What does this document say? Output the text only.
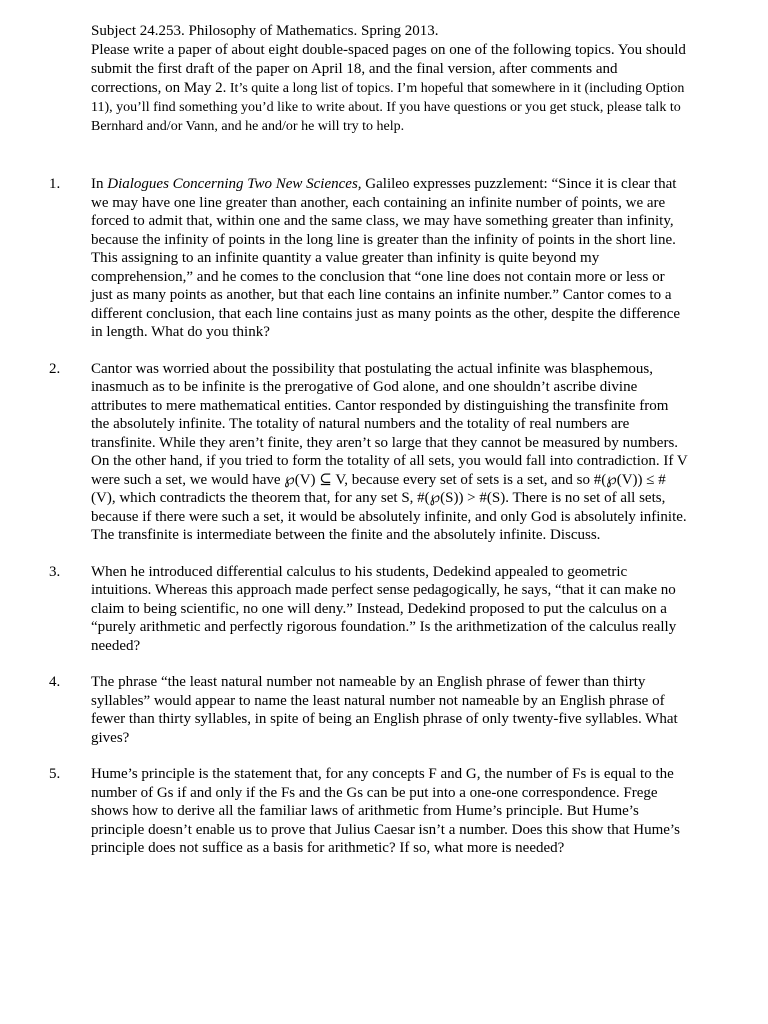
Subject 24.253. Philosophy of Mathematics. Spring 2013.

Please write a paper of about eight double-spaced pages on one of the following topics. You should submit the first draft of the paper on April 18, and the final version, after comments and corrections, on May 2. It’s quite a long list of topics. I’m hopeful that somewhere in it (including Option 11), you’ll find something you’d like to write about. If you have questions or you get stuck, please talk to Bernhard and/or Vann, and he and/or he will try to help.

1. In Dialogues Concerning Two New Sciences, Galileo expresses puzzlement: “Since it is clear that we may have one line greater than another, each containing an infinite number of points, we are forced to admit that, within one and the same class, we may have something greater than infinity, because the infinity of points in the long line is greater than the infinity of points in the short line. This assigning to an infinite quantity a value greater than infinity is quite beyond my comprehension,” and he comes to the conclusion that “one line does not contain more or less or just as many points as another, but that each line contains an infinite number.” Cantor comes to a different conclusion, that each line contains just as many points as the other, despite the difference in length. What do you think?

2. Cantor was worried about the possibility that postulating the actual infinite was blasphemous, inasmuch as to be infinite is the prerogative of God alone, and one shouldn’t ascribe divine attributes to mere mathematical entities. Cantor responded by distinguishing the transfinite from the absolutely infinite. The totality of natural numbers and the totality of real numbers are transfinite. While they aren’t finite, they aren’t so large that they cannot be measured by numbers. On the other hand, if you tried to form the totality of all sets, you would fall into contradiction. If V were such a set, we would have ℘(V) ⊆ V, because every set of sets is a set, and so #(℘(V)) ≤ #(V), which contradicts the theorem that, for any set S, #(℘(S)) > #(S). There is no set of all sets, because if there were such a set, it would be absolutely infinite, and only God is absolutely infinite. The transfinite is intermediate between the finite and the absolutely infinite. Discuss.

3. When he introduced differential calculus to his students, Dedekind appealed to geometric intuitions. Whereas this approach made perfect sense pedagogically, he says, “that it can make no claim to being scientific, no one will deny.” Instead, Dedekind proposed to put the calculus on a “purely arithmetic and perfectly rigorous foundation.” Is the arithmetization of the calculus really needed?

4. The phrase “the least natural number not nameable by an English phrase of fewer than thirty syllables” would appear to name the least natural number not nameable by an English phrase of fewer than thirty syllables, in spite of being an English phrase of only twenty-five syllables. What gives?

5. Hume’s principle is the statement that, for any concepts F and G, the number of Fs is equal to the number of Gs if and only if the Fs and the Gs can be put into a one-one correspondence. Frege shows how to derive all the familiar laws of arithmetic from Hume’s principle. But Hume’s principle doesn’t enable us to prove that Julius Caesar isn’t a number. Does this show that Hume’s principle does not suffice as a basis for arithmetic? If so, what more is needed?
